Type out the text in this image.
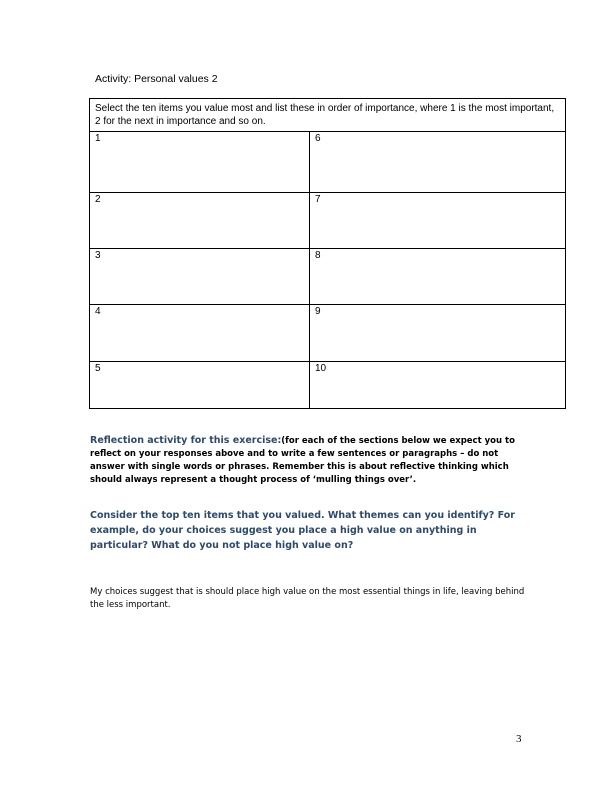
Activity: Personal values 2
Select the ten items you value most and list these in order of importance, where 1 is the most important, 2 for the next in importance and so on.
1	6
2	7
3	8
4	9
5	10
Reflection activity for this exercise:(for each of the sections below we expect you to reflect on your responses above and to write a few sentences or paragraphs – do not answer with single words or phrases. Remember this is about reflective thinking which should always represent a thought process of ‘mulling things over’.
Consider the top ten items that you valued. What themes can you identify? For example, do your choices suggest you place a high value on anything in particular? What do you not place high value on?
My choices suggest that is should place high value on the most essential things in life, leaving behind the less important.
3
